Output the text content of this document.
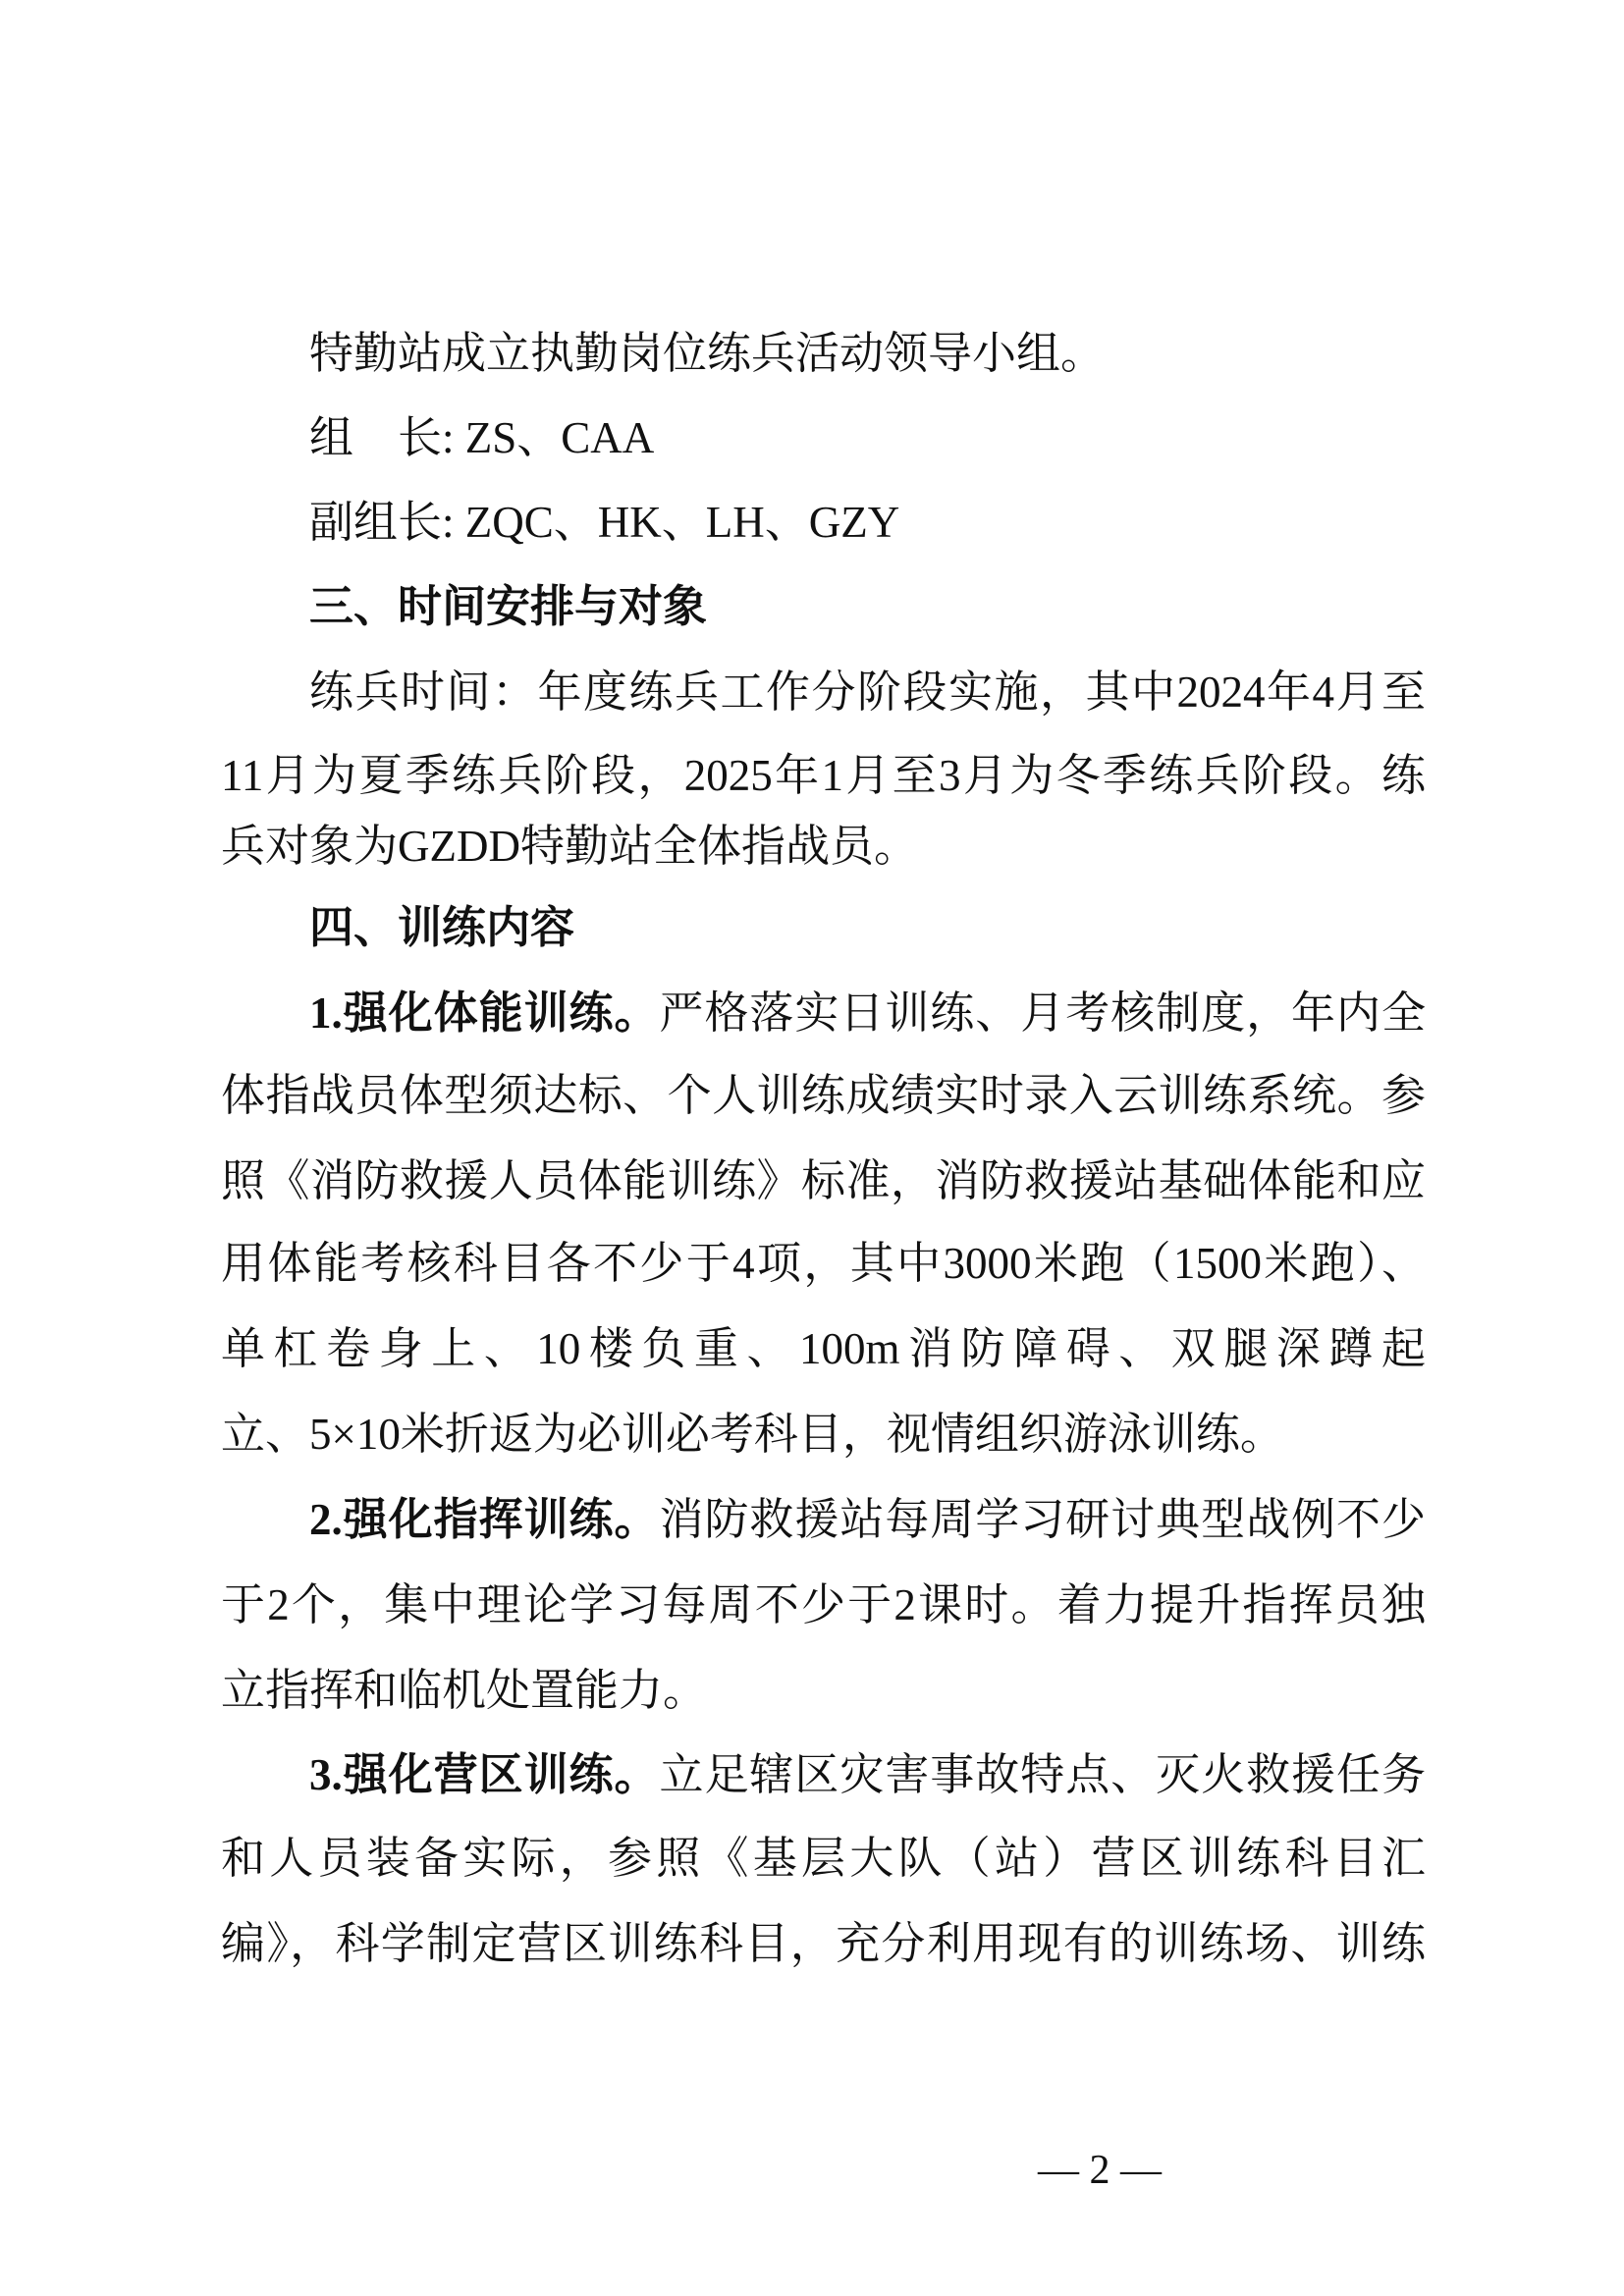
特勤站成立执勤岗位练兵活动领导小组。
组　长: ZS、CAA
副组长: ZQC、HK、LH、GZY
三、时间安排与对象
练兵时间：年度练兵工作分阶段实施，其中2024年4月至
11月为夏季练兵阶段，2025年1月至3月为冬季练兵阶段。练
兵对象为GZDD特勤站全体指战员。
四、训练内容
1.强化体能训练。严格落实日训练、月考核制度，年内全
体指战员体型须达标、个人训练成绩实时录入云训练系统。参
照《消防救援人员体能训练》标准，消防救援站基础体能和应
用体能考核科目各不少于4项，其中3000米跑（1500米跑）、
单杠卷身上、10楼负重、100m消防障碍、双腿深蹲起
立、5×10米折返为必训必考科目，视情组织游泳训练。
2.强化指挥训练。消防救援站每周学习研讨典型战例不少
于2个，集中理论学习每周不少于2课时。着力提升指挥员独
立指挥和临机处置能力。
3.强化营区训练。立足辖区灾害事故特点、灭火救援任务
和人员装备实际，参照《基层大队（站）营区训练科目汇
编》，科学制定营区训练科目，充分利用现有的训练场、训练
— 2 —
